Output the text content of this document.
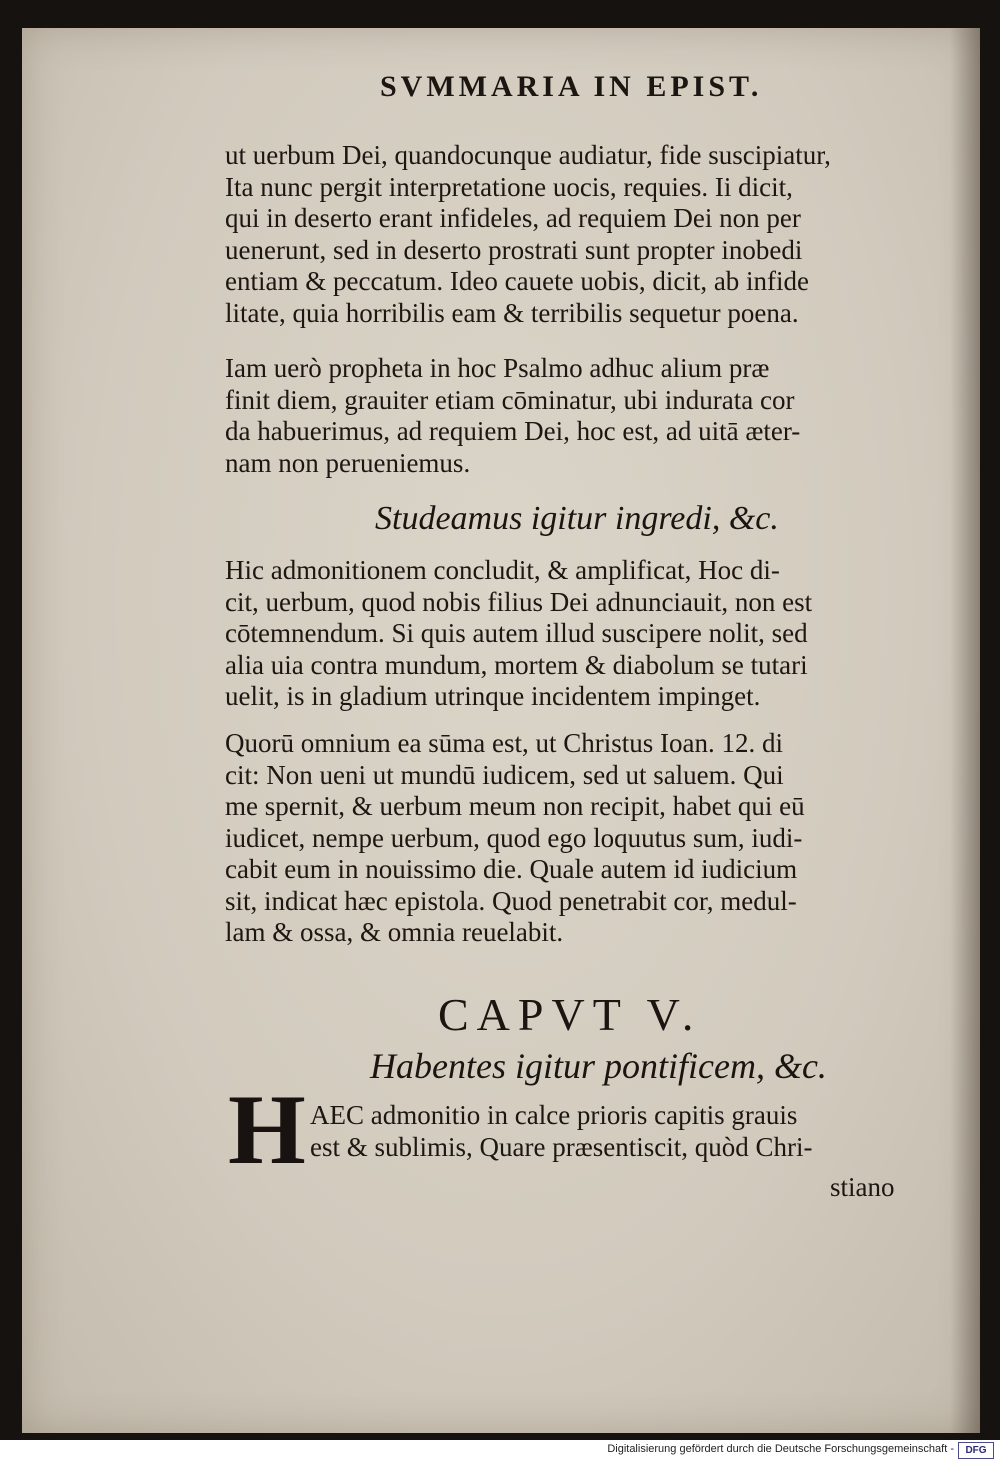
SVMMARIA IN EPIST.
ut uerbum Dei, quandocunque audiatur, fide suscipiatur,
Ita nunc pergit interpretatione uocis, requies. Ii dicit,
qui in deserto erant infideles, ad requiem Dei non per
uenerunt, sed in deserto prostrati sunt propter inobedi
entiam & peccatum. Ideo cauete uobis, dicit, ab infide
litate, quia horribilis eam & terribilis sequetur poena.
Iam uerò propheta in hoc Psalmo adhuc alium præ
finit diem, grauiter etiam cōminatur, ubi indurata cor
da habuerimus, ad requiem Dei, hoc est, ad uitā æter-
nam non perueniemus.
Studeamus igitur ingredi, &c.
Hic admonitionem concludit, & amplificat, Hoc di-
cit, uerbum, quod nobis filius Dei adnunciauit, non est
cōtemnendum. Si quis autem illud suscipere nolit, sed
alia uia contra mundum, mortem & diabolum se tutari
uelit, is in gladium utrinque incidentem impinget.
Quorū omnium ea sūma est, ut Christus Ioan. 12. di
cit: Non ueni ut mundū iudicem, sed ut saluem. Qui
me spernit, & uerbum meum non recipit, habet qui eū
iudicet, nempe uerbum, quod ego loquutus sum, iudi-
cabit eum in nouissimo die. Quale autem id iudicium
sit, indicat hæc epistola. Quod penetrabit cor, medul-
lam & ossa, & omnia reuelabit.
CAPVT V.
Habentes igitur pontificem, &c.
H AEC admonitio in calce prioris capitis grauis
est & sublimis, Quare præsentiscit, quòd Chri-
stiano
Digitalisierung gefördert durch die Deutsche Forschungsgemeinschaft -	DFG
